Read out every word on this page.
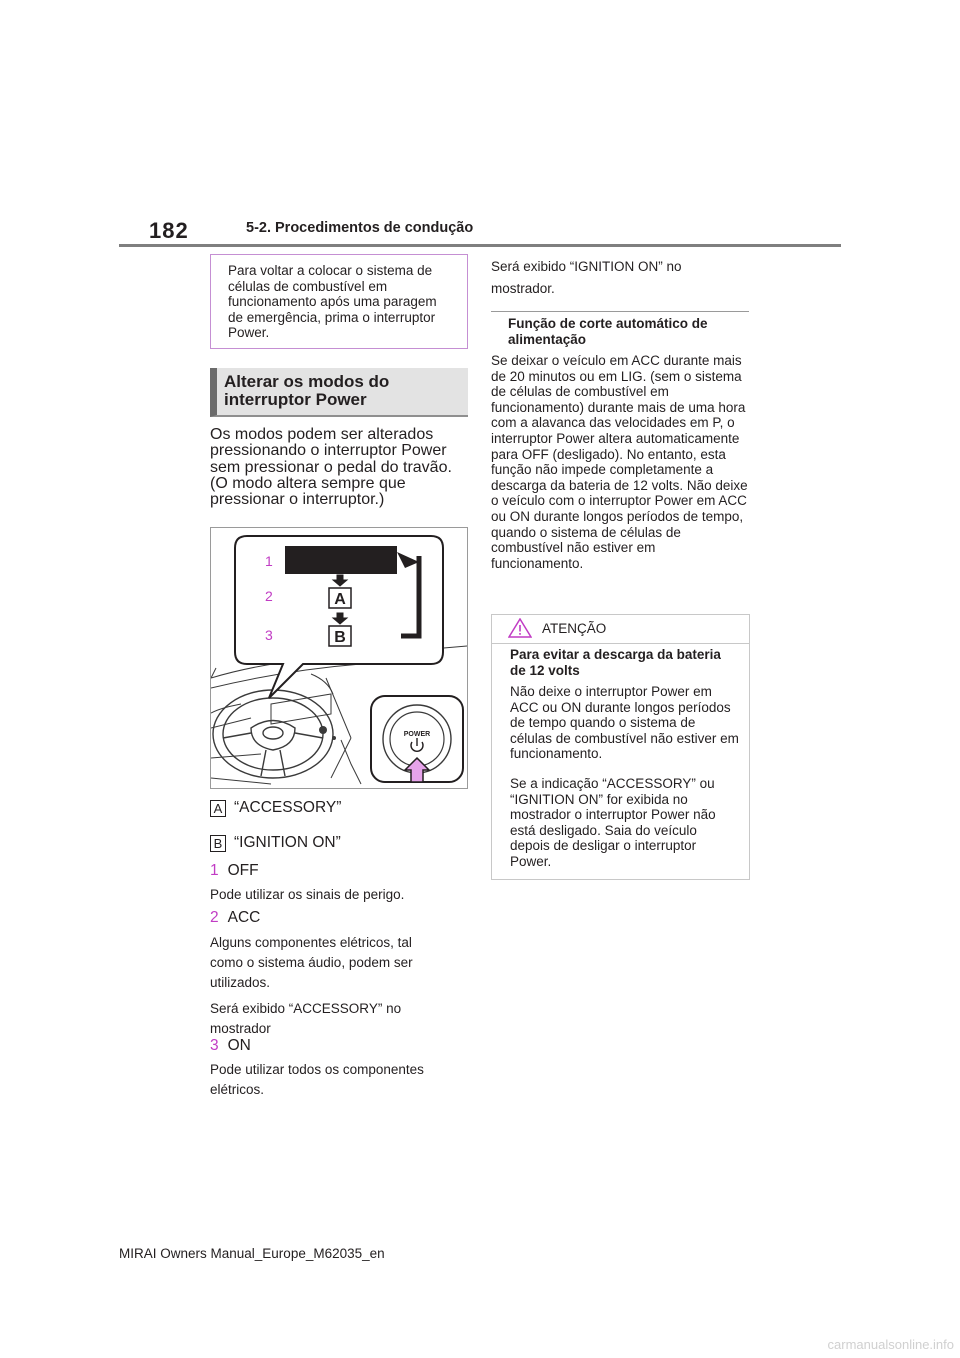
182	5-2. Procedimentos de condução
Para voltar a colocar o sistema de células de combustível em funcionamento após uma paragem de emergência, prima o interruptor Power.
Alterar os modos do
interruptor Power
Os modos podem ser alterados
pressionando o interruptor Power
sem pressionar o pedal do travão.
(O modo altera sempre que
pressionar o interruptor.)
A
B
1
2
3
POWER
A “ACCESSORY”
B “IGNITION ON”
1 OFF
Pode utilizar os sinais de perigo.
2 ACC
Alguns componentes elétricos, tal
como o sistema áudio, podem ser
utilizados.
Será exibido “ACCESSORY” no
mostrador
3 ON
Pode utilizar todos os componentes
elétricos.
Será exibido “IGNITION ON” no
mostrador.
Função de corte automático de alimentação
Se deixar o veículo em ACC durante mais de 20 minutos ou em LIG. (sem o sistema de células de combustível em funcionamento) durante mais de uma hora com a alavanca das velocidades em P, o interruptor Power altera automaticamente para OFF (desligado). No entanto, esta função não impede completamente a descarga da bateria de 12 volts. Não deixe o veículo com o interruptor Power em ACC ou ON durante longos períodos de tempo, quando o sistema de células de combustível não estiver em funcionamento.
ATENÇÃO
Para evitar a descarga da bateria de 12 volts
Não deixe o interruptor Power em ACC ou ON durante longos períodos de tempo quando o sistema de células de combustível não estiver em funcionamento.
Se a indicação “ACCESSORY” ou “IGNITION ON” for exibida no mostrador o interruptor Power não está desligado. Saia do veículo depois de desligar o interruptor Power.
MIRAI Owners Manual_Europe_M62035_en
carmanualsonline.info
